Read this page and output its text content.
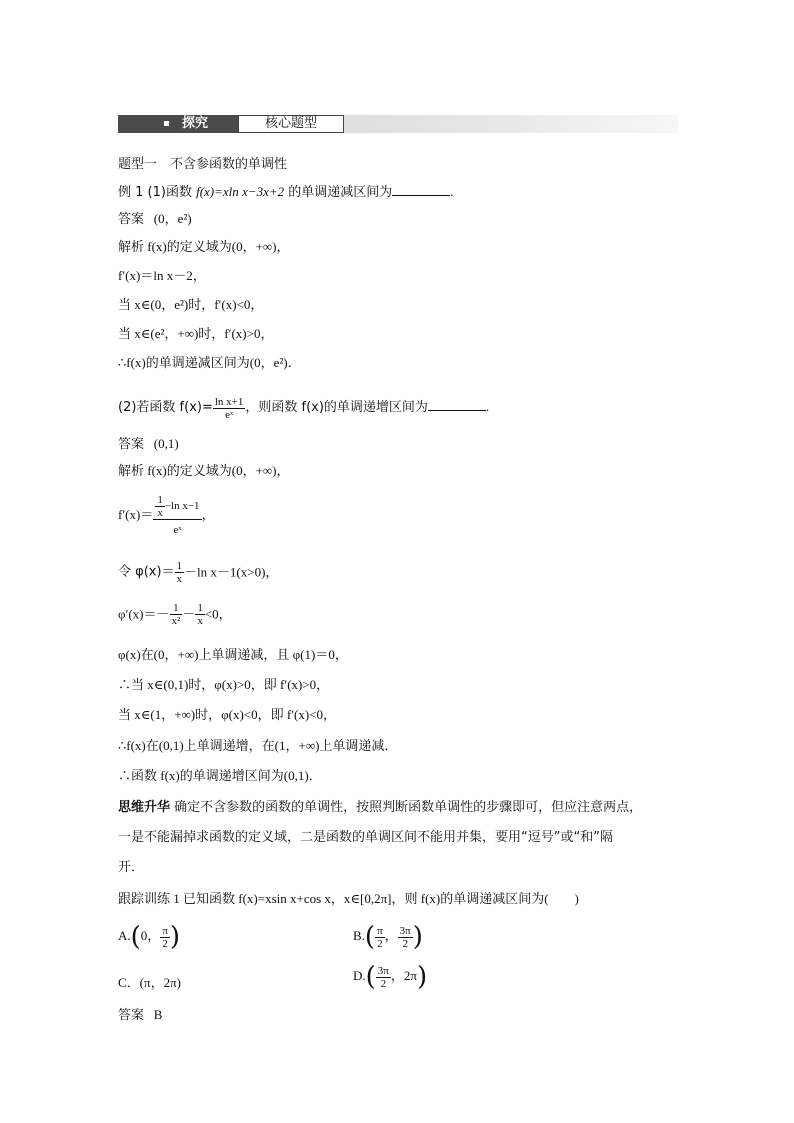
探究	核心题型
题型一　不含参函数的单调性
例 1 (1)函数 f(x)=xln x−3x+2 的单调递减区间为	.
答案 (0，e²)
解析 f(x)的定义域为(0，+∞)，
f′(x)＝ln x－2，
当 x∈(0，e²)时，f′(x)<0，
当 x∈(e²，+∞)时，f′(x)>0，
∴f(x)的单调递减区间为(0，e²)．
(2)若函数 $f(x)= \frac{\text{ln x+1}}{\text{eˣ}}$ ，则函数 f(x)的单调递增区间为	.
答案 (0,1)
解析 f(x)的定义域为(0，+∞)，
$f'(x)= \frac{\frac{1}{x} -\ln x-1}{\text{eˣ}}$ ，
令 $\varphi(x)= \frac{1}{x} -\ln$ x－1(x>0)，
$\varphi'(x)=- \frac{1}{\text{x²}} - \frac{1}{x} <0$，
φ(x)在(0，+∞)上单调递减，且 φ(1)＝0，
∴当 x∈(0,1)时，φ(x)>0，即 f′(x)>0，
当 x∈(1，+∞)时，φ(x)<0，即 f′(x)<0，
∴f(x)在(0,1)上单调递增，在(1，+∞)上单调递减．
∴函数 f(x)的单调递增区间为(0,1)．
思维升华 确定不含参数的函数的单调性，按照判断函数单调性的步骤即可，但应注意两点，
一是不能漏掉求函数的定义域，二是函数的单调区间不能用并集，要用“逗号”或“和”隔
开．
跟踪训练 1 已知函数 f(x)=xsin x+cos x，x∈[0,2π]，则 f(x)的单调递减区间为(　　)
A.(0， $\frac{\pi}{2}$ )	$B.( \frac{\pi}{2}$ ， $\frac{3\pi}{2}$ )
C．(π，2π)	$D.( \frac{3\pi}{2}$ ，2π)
答案 B
